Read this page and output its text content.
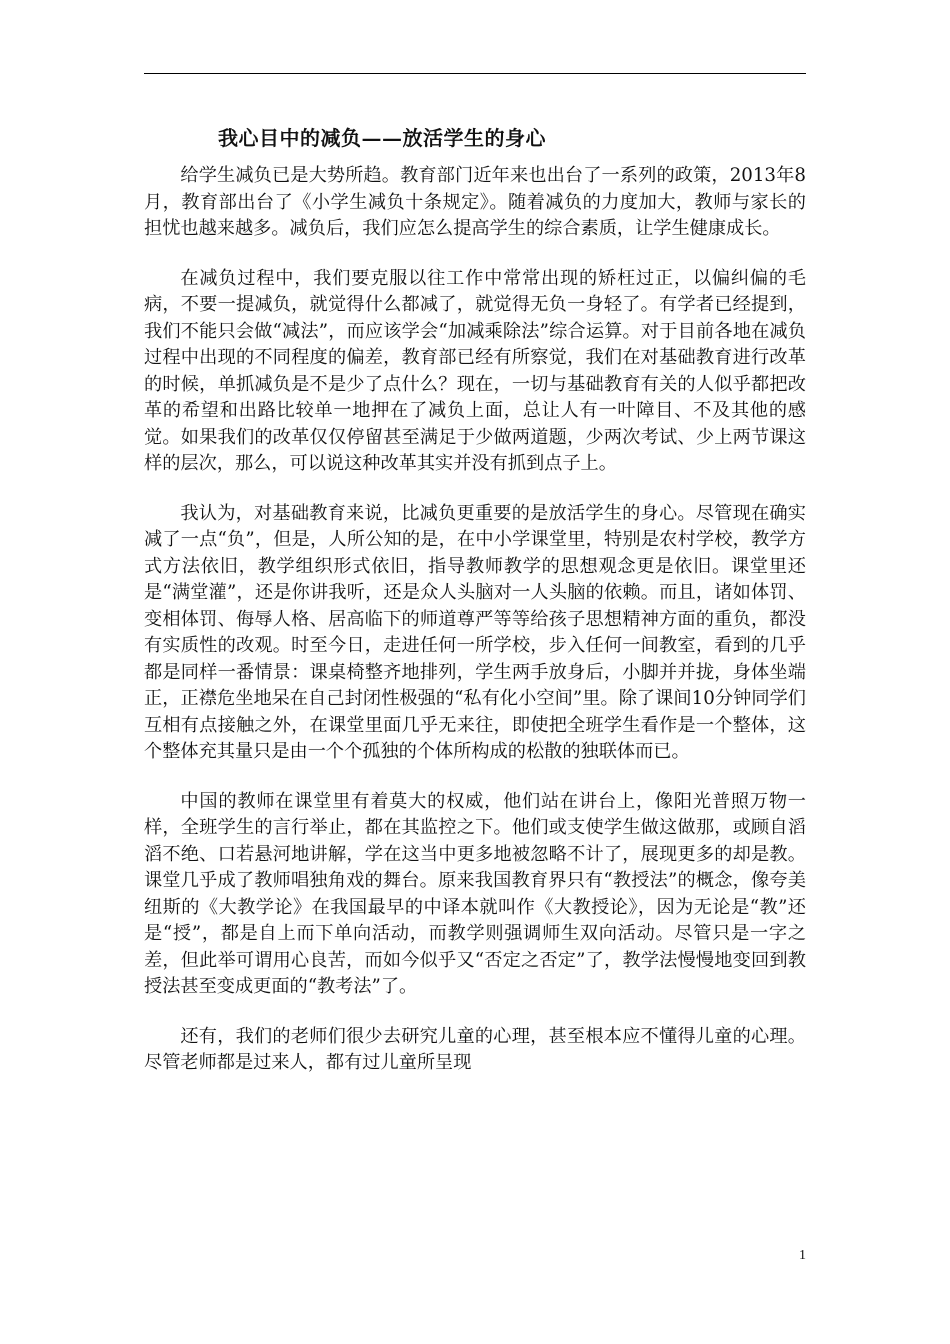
我心目中的减负——放活学生的身心

给学生减负已是大势所趋。教育部门近年来也出台了一系列的政策，2013年8月，教育部出台了《小学生减负十条规定》。随着减负的力度加大，教师与家长的担忧也越来越多。减负后，我们应怎么提高学生的综合素质，让学生健康成长。

在减负过程中，我们要克服以往工作中常常出现的矫枉过正，以偏纠偏的毛病，不要一提减负，就觉得什么都减了，就觉得无负一身轻了。有学者已经提到，我们不能只会做“减法”，而应该学会“加减乘除法”综合运算。对于目前各地在减负过程中出现的不同程度的偏差，教育部已经有所察觉，我们在对基础教育进行改革的时候，单抓减负是不是少了点什么？现在，一切与基础教育有关的人似乎都把改革的希望和出路比较单一地押在了减负上面，总让人有一叶障目、不及其他的感觉。如果我们的改革仅仅停留甚至满足于少做两道题，少两次考试、少上两节课这样的层次，那么，可以说这种改革其实并没有抓到点子上。

我认为，对基础教育来说，比减负更重要的是放活学生的身心。尽管现在确实减了一点“负”，但是，人所公知的是，在中小学课堂里，特别是农村学校，教学方式方法依旧，教学组织形式依旧，指导教师教学的思想观念更是依旧。课堂里还是“满堂灌”，还是你讲我听，还是众人头脑对一人头脑的依赖。而且，诸如体罚、变相体罚、侮辱人格、居高临下的师道尊严等等给孩子思想精神方面的重负，都没有实质性的改观。时至今日，走进任何一所学校，步入任何一间教室，看到的几乎都是同样一番情景：课桌椅整齐地排列，学生两手放身后，小脚并并拢，身体坐端正，正襟危坐地呆在自己封闭性极强的“私有化小空间”里。除了课间10分钟同学们互相有点接触之外，在课堂里面几乎无来往，即使把全班学生看作是一个整体，这个整体充其量只是由一个个孤独的个体所构成的松散的独联体而已。

中国的教师在课堂里有着莫大的权威，他们站在讲台上，像阳光普照万物一样，全班学生的言行举止，都在其监控之下。他们或支使学生做这做那，或顾自滔滔不绝、口若悬河地讲解，学在这当中更多地被忽略不计了，展现更多的却是教。课堂几乎成了教师唱独角戏的舞台。原来我国教育界只有“教授法”的概念，像夸美纽斯的《大教学论》在我国最早的中译本就叫作《大教授论》，因为无论是“教”还是“授”，都是自上而下单向活动，而教学则强调师生双向活动。尽管只是一字之差，但此举可谓用心良苦，而如今似乎又“否定之否定”了，教学法慢慢地变回到教授法甚至变成更面的“教考法”了。

还有，我们的老师们很少去研究儿童的心理，甚至根本应不懂得儿童的心理。尽管老师都是过来人，都有过儿童所呈现

1
